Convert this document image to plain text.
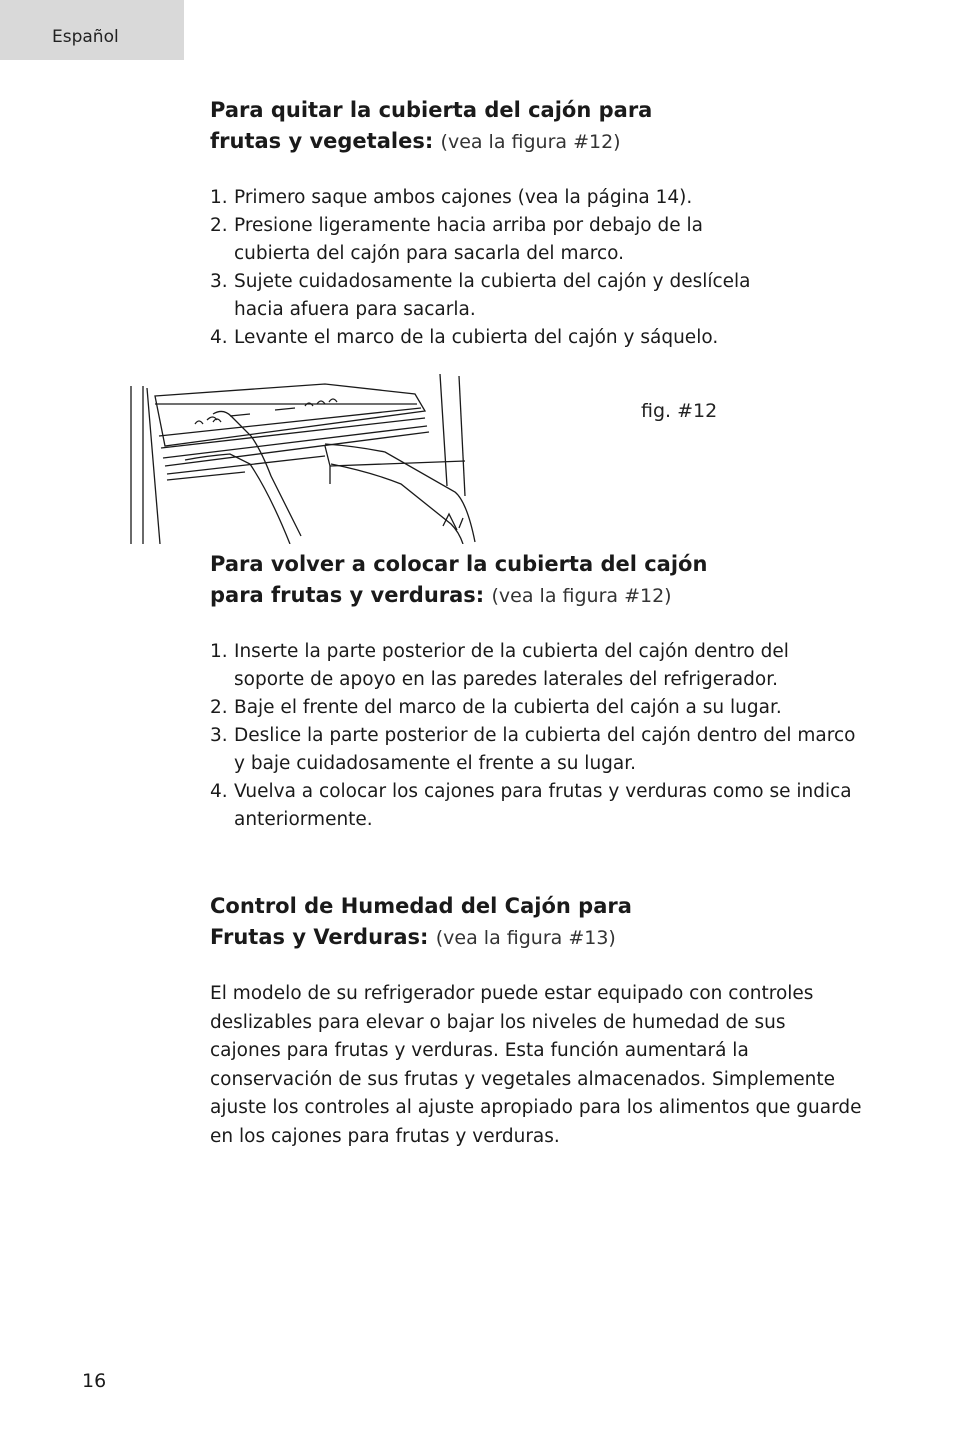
Español
Para quitar la cubierta del cajón para
frutas y vegetales: (vea la figura #12)
1. Primero saque ambos cajones (vea la página 14).
2. Presione ligeramente hacia arriba por debajo de la cubierta del cajón para sacarla del marco.
3. Sujete cuidadosamente la cubierta del cajón y deslícela hacia afuera para sacarla.
4. Levante el marco de la cubierta del cajón y sáquelo.
fig. #12
Para volver a colocar la cubierta del cajón
para frutas y verduras: (vea la figura #12)
1. Inserte la parte posterior de la cubierta del cajón dentro del soporte de apoyo en las paredes laterales del refrigerador.
2. Baje el frente del marco de la cubierta del cajón a su lugar.
3. Deslice la parte posterior de la cubierta del cajón dentro del marco y baje cuidadosamente el frente a su lugar.
4. Vuelva a colocar los cajones para frutas y verduras como se indica anteriormente.
Control de Humedad del Cajón para
Frutas y Verduras: (vea la figura #13)

El modelo de su refrigerador puede estar equipado con controles deslizables para elevar o bajar los niveles de humedad de sus cajones para frutas y verduras. Esta función aumentará la conservación de sus frutas y vegetales almacenados. Simplemente ajuste los controles al ajuste apropiado para los alimentos que guarde en los cajones para frutas y verduras.

16
